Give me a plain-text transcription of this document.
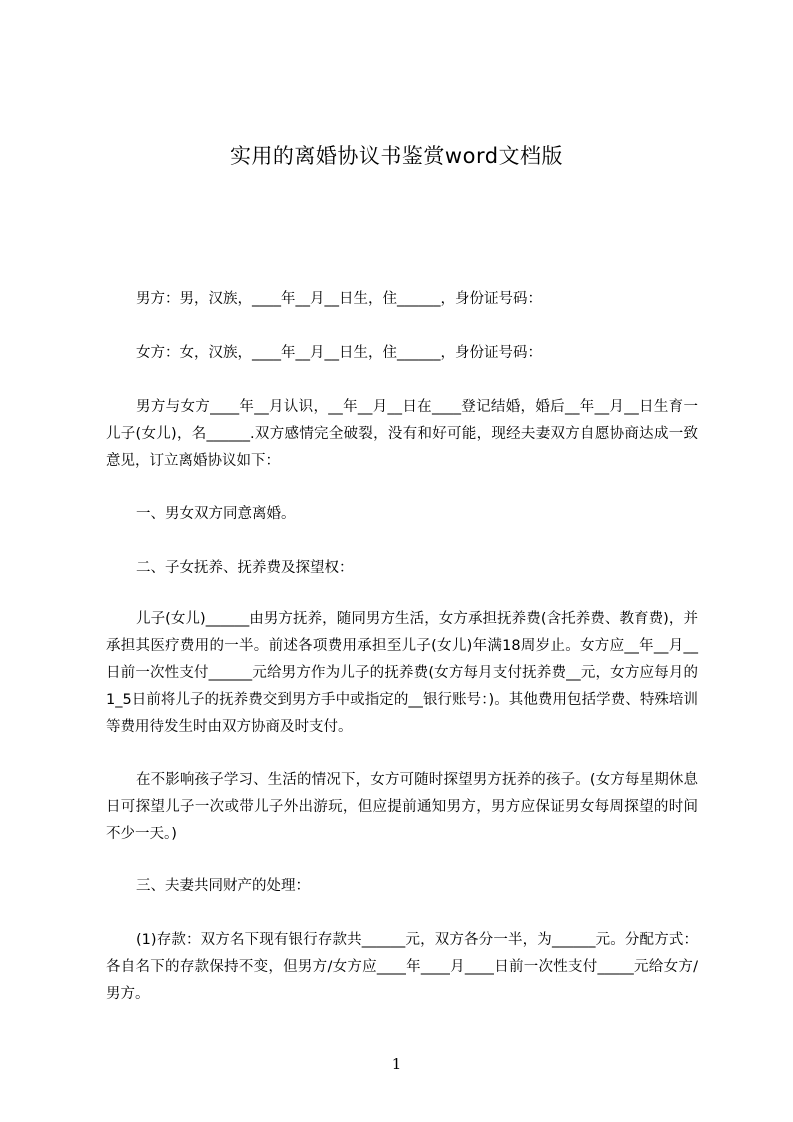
实用的离婚协议书鉴赏word文档版
男方：男，汉族，____年__月__日生，住______，身份证号码：
女方：女，汉族，____年__月__日生，住______，身份证号码：
男方与女方____年__月认识，__年__月__日在____登记结婚，婚后__年__月__日生育一儿子(女儿)，名______.双方感情完全破裂，没有和好可能，现经夫妻双方自愿协商达成一致意见，订立离婚协议如下：
一、男女双方同意离婚。
二、子女抚养、抚养费及探望权：
儿子(女儿)______由男方抚养，随同男方生活，女方承担抚养费(含托养费、教育费)，并承担其医疗费用的一半。前述各项费用承担至儿子(女儿)年满18周岁止。女方应__年__月__日前一次性支付______元给男方作为儿子的抚养费(女方每月支付抚养费__元，女方应每月的1_5日前将儿子的抚养费交到男方手中或指定的__银行账号：)。其他费用包括学费、特殊培训等费用待发生时由双方协商及时支付。
在不影响孩子学习、生活的情况下，女方可随时探望男方抚养的孩子。(女方每星期休息日可探望儿子一次或带儿子外出游玩，但应提前通知男方，男方应保证男女每周探望的时间不少一天。)
三、夫妻共同财产的处理：
(1)存款：双方名下现有银行存款共______元，双方各分一半，为______元。分配方式：各自名下的存款保持不变，但男方/女方应____年____月____日前一次性支付_____元给女方/男方。
1
